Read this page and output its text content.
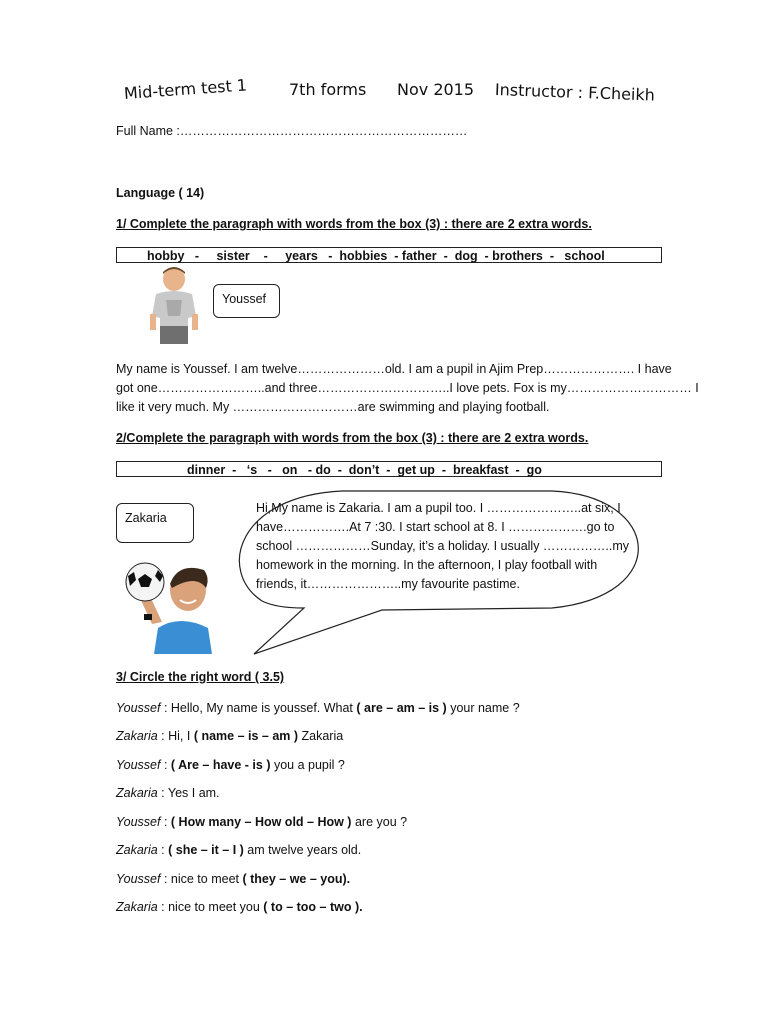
Mid-term test 1	7th forms Nov 2015 Instructor : F.Cheikh
Full Name :……………………………………………………………
Language ( 14)
1/ Complete the paragraph with words from the box (3) : there are 2 extra words.
hobby   -     sister    -     years   -  hobbies  - father  -  dog  - brothers  -   school
Youssef
My name is Youssef. I am twelve…………………old. I am a pupil in Ajim Prep…………………. I have
got one……………………..and three…………………………..I love pets. Fox is my………………………… I
like it very much. My …………………………are swimming and playing football.
2/Complete the paragraph with words from the box (3) : there are 2 extra words.
dinner  -   ‘s   -   on   - do  -  don’t  -  get up  -  breakfast  -  go
Zakaria
Hi,My name is Zakaria. I am a pupil too. I …………………..at six, I
have…………….At 7 :30. I start school at 8. I ……………….go to
school ………………Sunday, it’s a holiday. I usually ……………..my
homework in the morning. In the afternoon, I play football with
friends, it…………………..my favourite pastime.
3/ Circle the right word ( 3.5)
Youssef : Hello, My name is youssef. What ( are – am – is ) your name ?
Zakaria : Hi, I ( name – is – am ) Zakaria
Youssef : ( Are – have - is ) you a pupil ?
Zakaria : Yes I am.
Youssef : ( How many – How old – How ) are you ?
Zakaria : ( she – it – I ) am twelve years old.
Youssef : nice to meet ( they – we – you).
Zakaria : nice to meet you ( to – too – two ).
